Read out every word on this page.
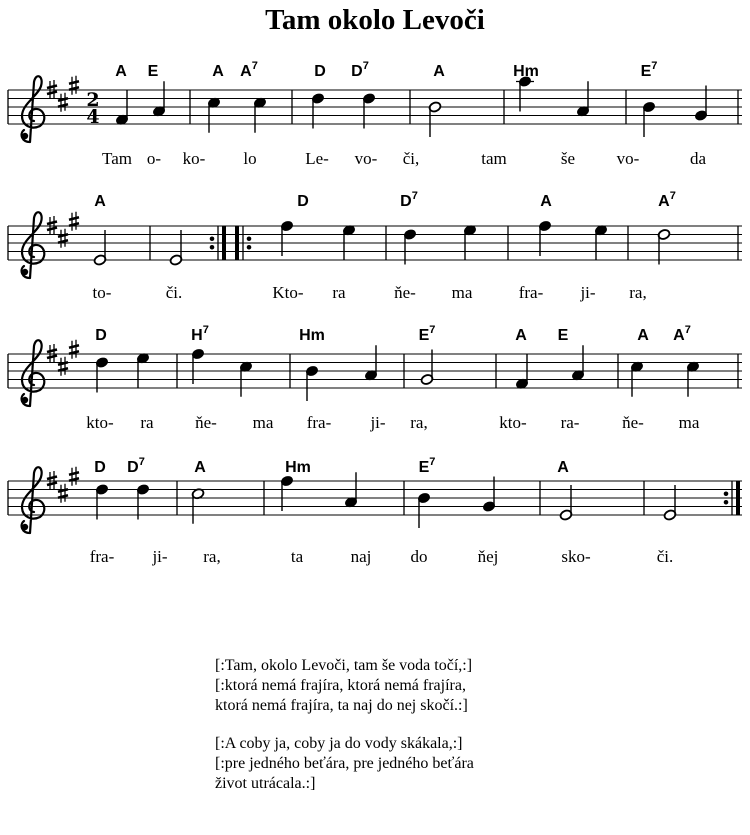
Tam okolo Levoči
2
4
A E	A $A^7$	D $D^7$	A	Hm	$E^7$
Tam o- ko- lo	Le- vo- či,	tam	še vo-	da
A	D	$D^7$	A	$A^7$
to-	či.	Kto- ra	ňe- ma	fra- ji- ra,
D	$H^7$	Hm	$E^7$	A E	A $A^7$
kto- ra ňe- ma fra- ji- ra,	kto- ra-	ňe- ma
D $D^7$	A	Hm	$E^7$	A
fra- ji- ra,	ta	naj do	ňej	sko-	či.
[:Tam, okolo Levoči, tam še voda točí,:]
[:ktorá nemá frajíra, ktorá nemá frajíra,
ktorá nemá frajíra, ta naj do nej skočí.:]
[:A coby ja, coby ja do vody skákala,:]
[:pre jedného beťára, pre jedného beťára
život utrácala.:]
